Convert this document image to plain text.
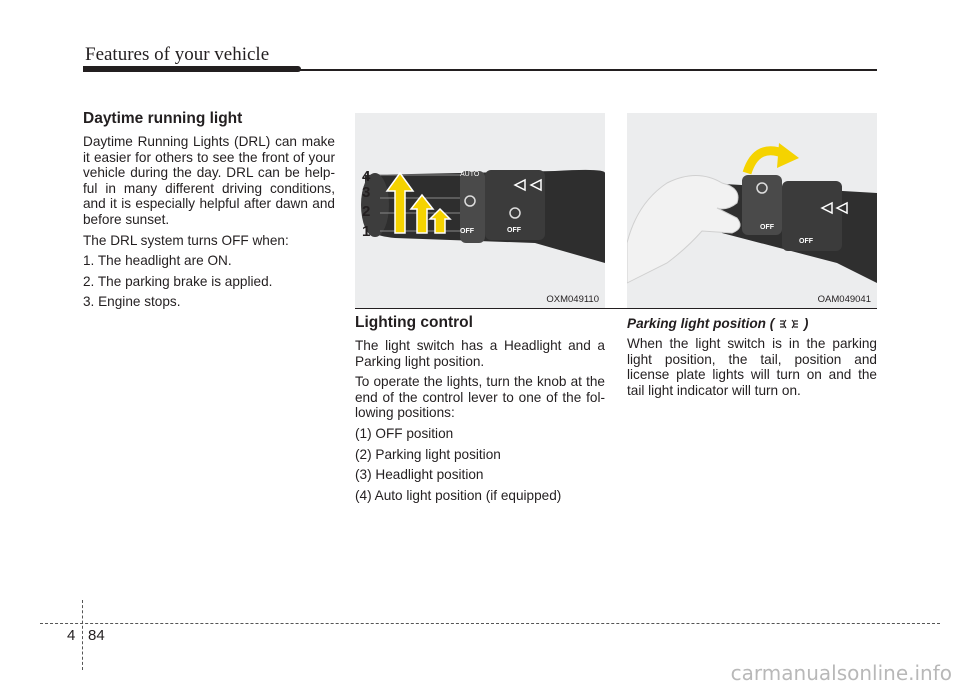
Features of your vehicle
Daytime running light

Daytime Running Lights (DRL) can make it easier for others to see the front of your vehicle during the day. DRL can be helpful in many different driving conditions, and it is especially helpful after dawn and before sunset.

The DRL system turns OFF when:

1. The headlight are ON.

2. The parking brake is applied.

3. Engine stops.

4
3
2
1
AUTO
OFF	OFF
OXM049110
OFF
OFF
OAM049041
Lighting control

The light switch has a Headlight and a Parking light position.

To operate the lights, turn the knob at the end of the control lever to one of the following positions:

(1) OFF position

(2) Parking light position

(3) Headlight position

(4) Auto light position (if equipped)

Parking light position ( )

When the light switch is in the parking light position, the tail, position and license plate lights will turn on and the tail light indicator will turn on.

4 84
carmanualsonline.info
